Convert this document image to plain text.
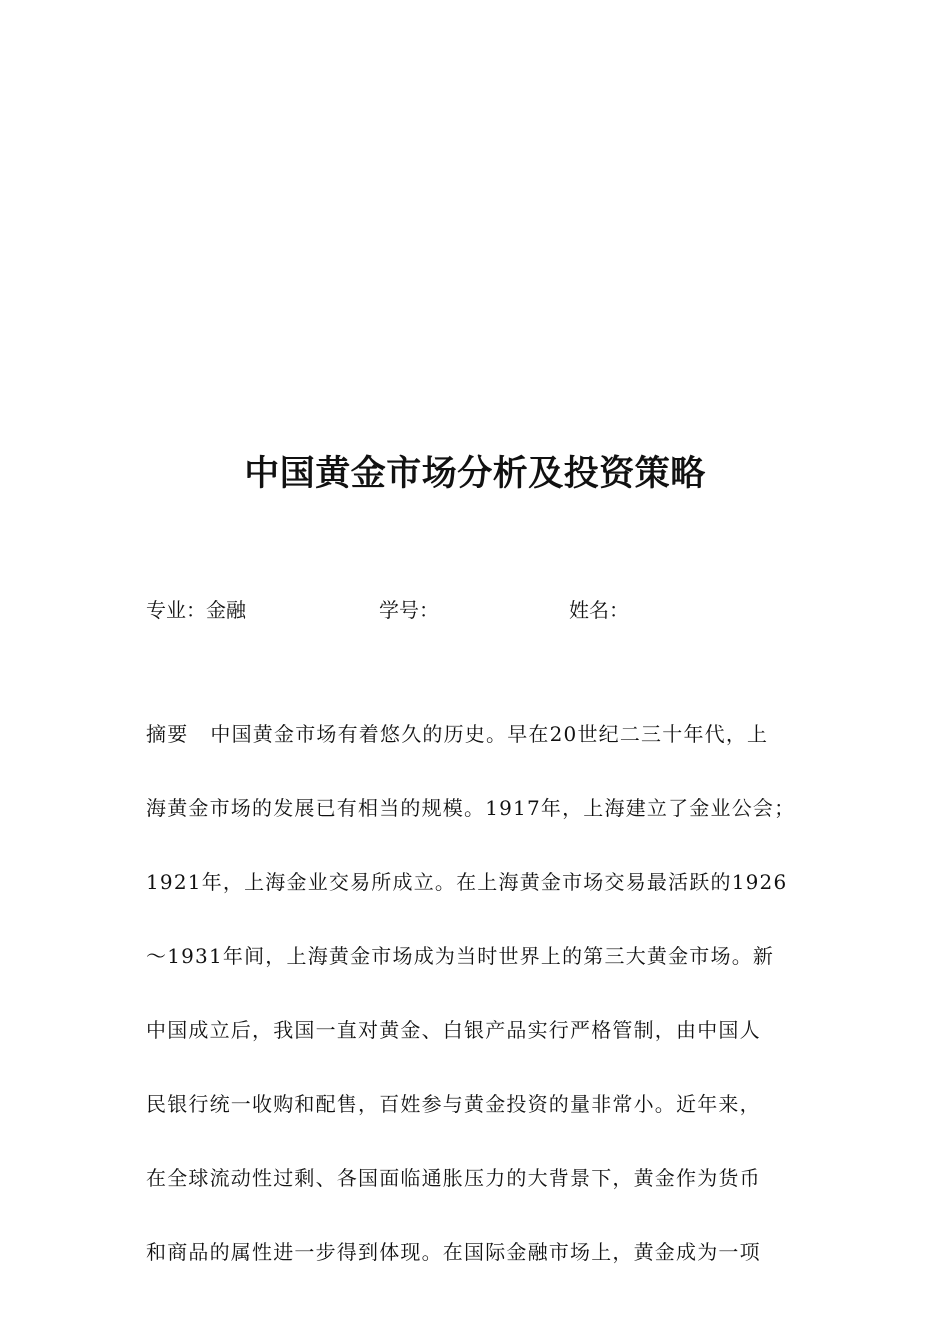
中国黄金市场分析及投资策略
专业：金融	学号：	姓名：
摘要 中国黄金市场有着悠久的历史。早在20世纪二三十年代，上
海黄金市场的发展已有相当的规模。1917年，上海建立了金业公会；
1921年，上海金业交易所成立。在上海黄金市场交易最活跃的1926
～1931年间，上海黄金市场成为当时世界上的第三大黄金市场。新
中国成立后，我国一直对黄金、白银产品实行严格管制，由中国人
民银行统一收购和配售，百姓参与黄金投资的量非常小。近年来，
在全球流动性过剩、各国面临通胀压力的大背景下，黄金作为货币
和商品的属性进一步得到体现。在国际金融市场上，黄金成为一项
